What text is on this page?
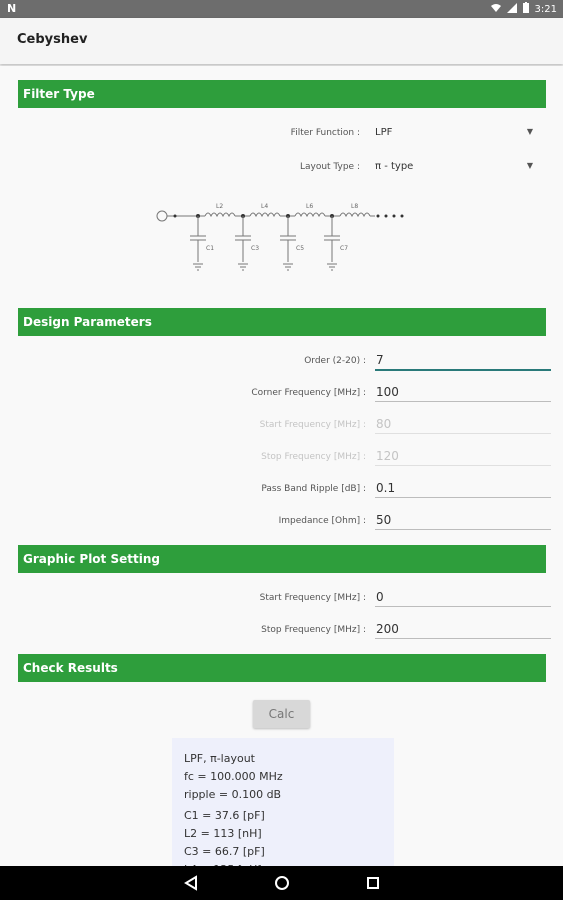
N	3:21
Cebyshev
Filter Type
Filter Function : LPF	▼
Layout Type : π - type	▼
L2	L4	L6	L8
C1	C3	C5	C7
Design Parameters
Order (2-20) : 7
Corner Frequency [MHz] : 100
Start Frequency [MHz] : 80
Stop Frequency [MHz] : 120
Pass Band Ripple [dB] : 0.1
Impedance [Ohm] : 50
Graphic Plot Setting
Start Frequency [MHz] : 0
Stop Frequency [MHz] : 200
Check Results
Calc
LPF, π-layout
fc = 100.000 MHz
ripple = 0.100 dB
C1 = 37.6 [pF]
L2 = 113 [nH]
C3 = 66.7 [pF]
